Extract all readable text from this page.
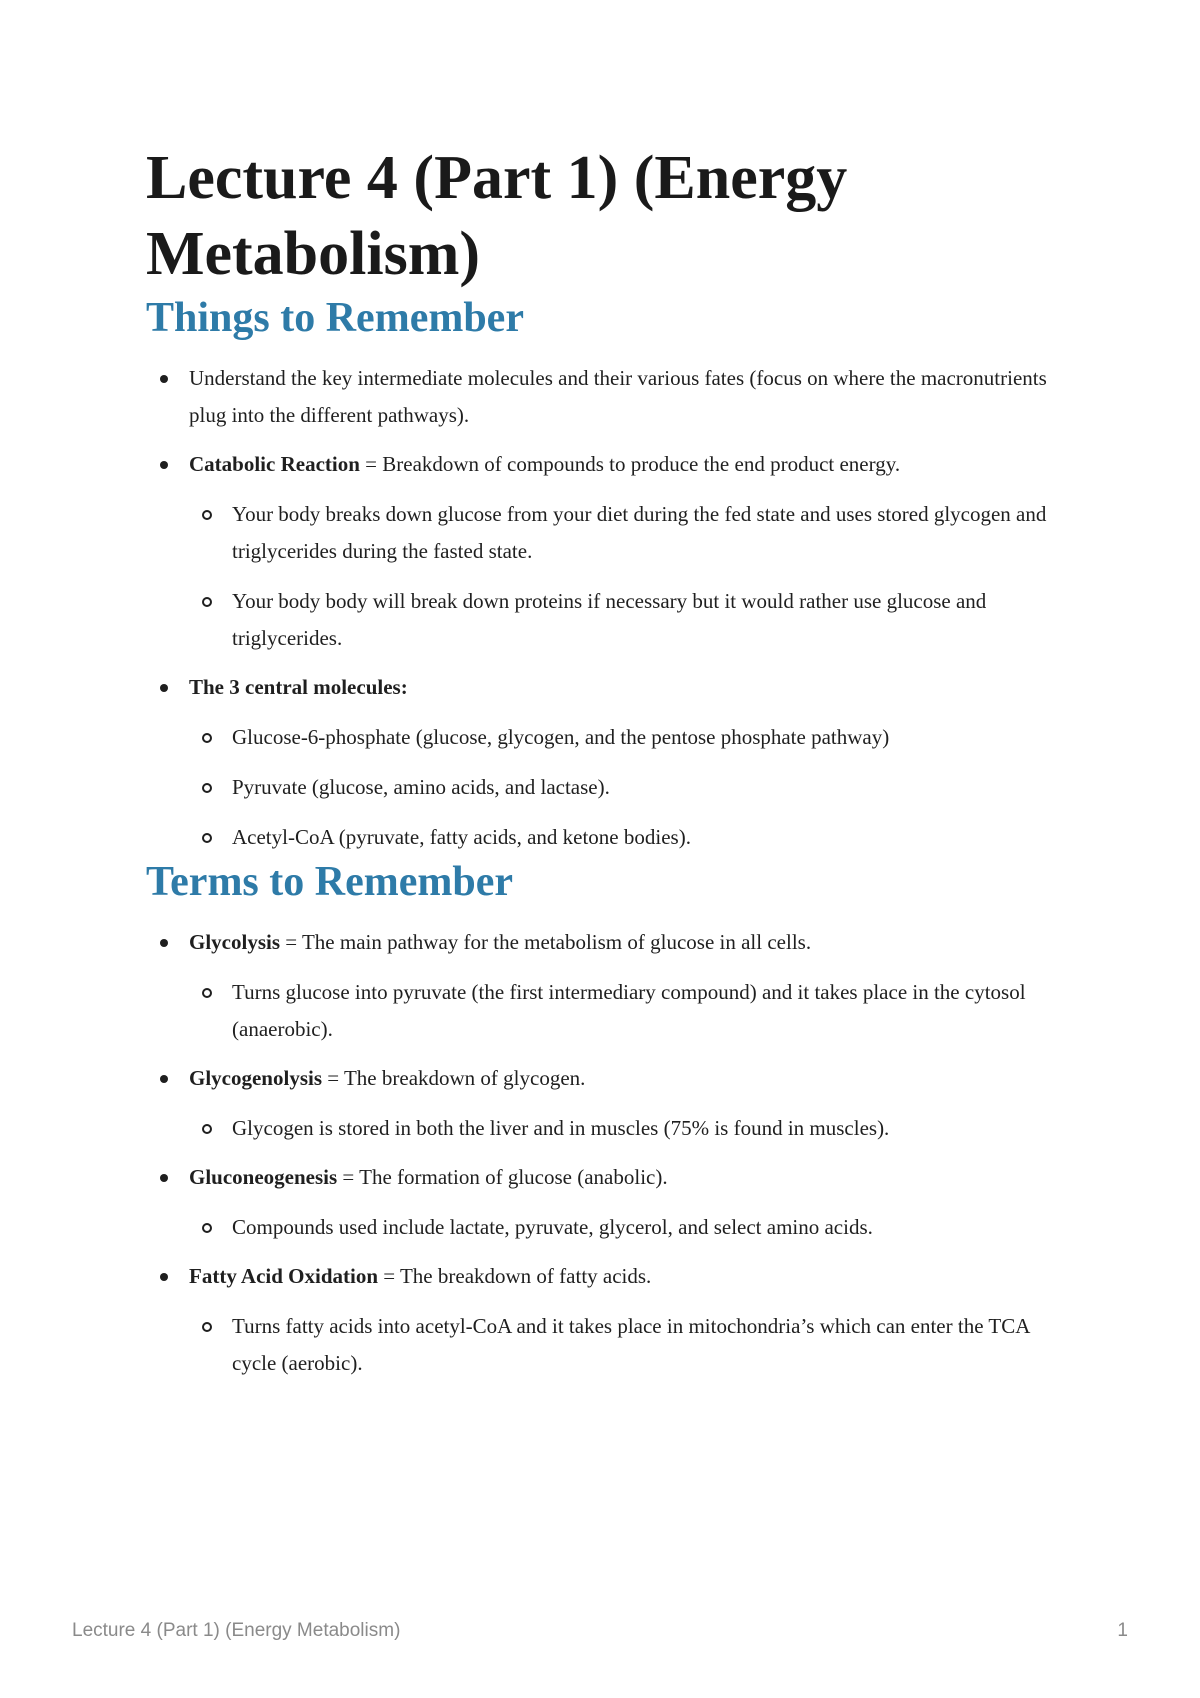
Lecture 4 (Part 1) (Energy Metabolism)
Things to Remember
Understand the key intermediate molecules and their various fates (focus on where the macronutrients plug into the different pathways).
Catabolic Reaction = Breakdown of compounds to produce the end product energy.
Your body breaks down glucose from your diet during the fed state and uses stored glycogen and triglycerides during the fasted state.
Your body body will break down proteins if necessary but it would rather use glucose and triglycerides.
The 3 central molecules:
Glucose-6-phosphate (glucose, glycogen, and the pentose phosphate pathway)
Pyruvate (glucose, amino acids, and lactase).
Acetyl-CoA (pyruvate, fatty acids, and ketone bodies).
Terms to Remember
Glycolysis = The main pathway for the metabolism of glucose in all cells.
Turns glucose into pyruvate (the first intermediary compound) and it takes place in the cytosol (anaerobic).
Glycogenolysis = The breakdown of glycogen.
Glycogen is stored in both the liver and in muscles (75% is found in muscles).
Gluconeogenesis = The formation of glucose (anabolic).
Compounds used include lactate, pyruvate, glycerol, and select amino acids.
Fatty Acid Oxidation = The breakdown of fatty acids.
Turns fatty acids into acetyl-CoA and it takes place in mitochondria’s which can enter the TCA cycle (aerobic).
Lecture 4 (Part 1) (Energy Metabolism)	1
